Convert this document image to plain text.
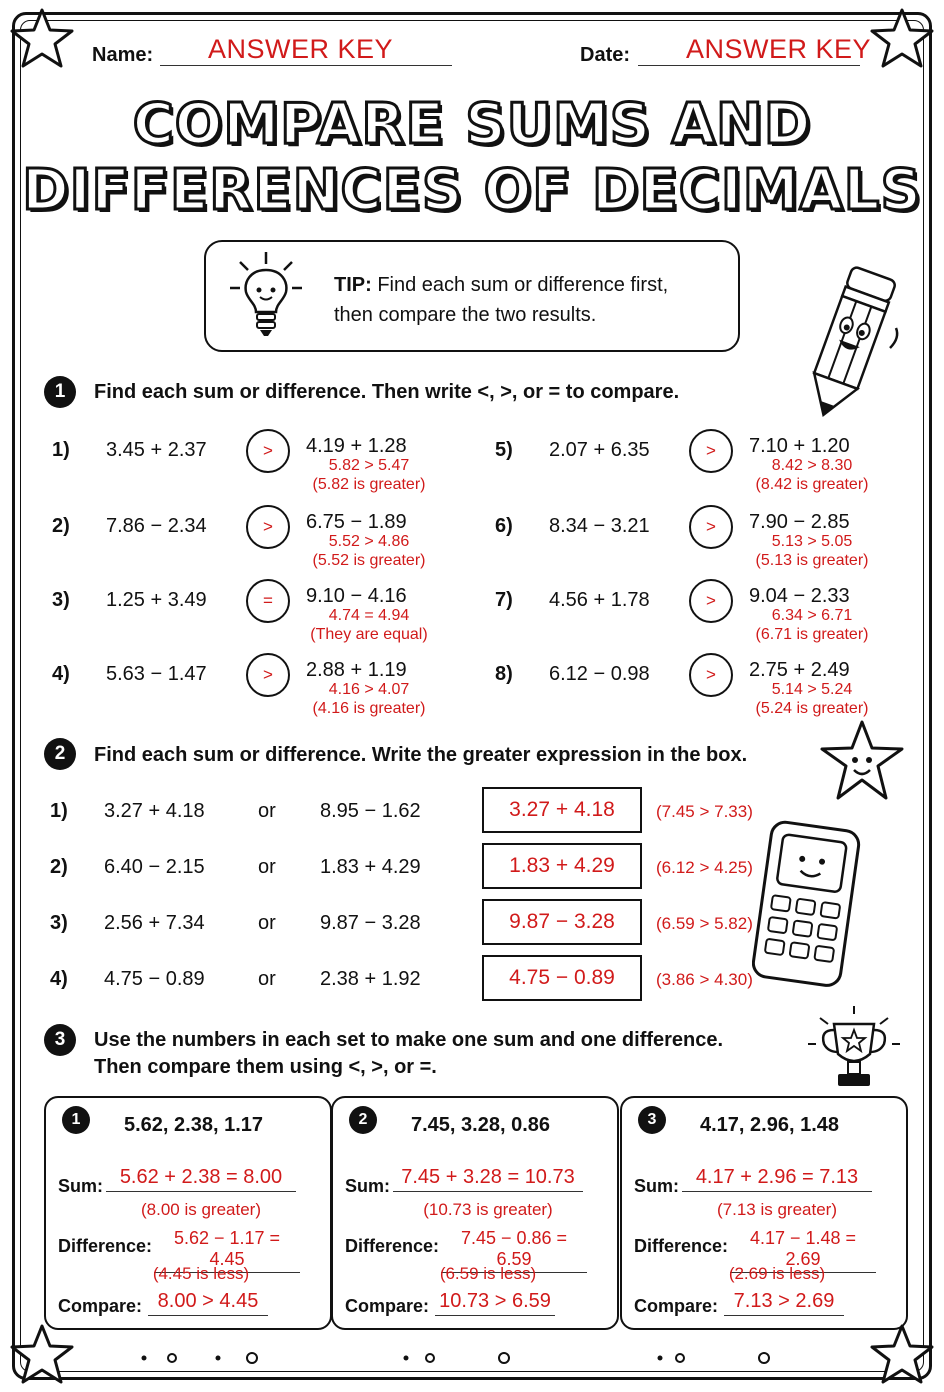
Name: ANSWER KEY	Date: ANSWER KEY
COMPARE SUMS AND
DIFFERENCES OF DECIMALS
TIP: Find each sum or difference first,
then compare the two results.
1	Find each sum or difference. Then write <, >, or = to compare.
1) 3.45 + 2.37	>	4.19 + 1.28
5.82 > 5.47
(5.82 is greater)
2) 7.86 − 2.34	>	6.75 − 1.89
5.52 > 4.86
(5.52 is greater)
3) 1.25 + 3.49	=	9.10 − 4.16
4.74 = 4.94
(They are equal)
4) 5.63 − 1.47	>	2.88 + 1.19
4.16 > 4.07
(4.16 is greater)
5) 2.07 + 6.35	>	7.10 + 1.20
8.42 > 8.30
(8.42 is greater)
6) 8.34 − 3.21	>	7.90 − 2.85
5.13 > 5.05
(5.13 is greater)
7) 4.56 + 1.78	>	9.04 − 2.33
6.34 > 6.71
(6.71 is greater)
8) 6.12 − 0.98	>	2.75 + 2.49
5.14 > 5.24
(5.24 is greater)
2	Find each sum or difference. Write the greater expression in the box.
1) 3.27 + 4.18	or 8.95 − 1.62	3.27 + 4.18	(7.45 > 7.33)
2) 6.40 − 2.15	or 1.83 + 4.29	1.83 + 4.29	(6.12 > 4.25)
3) 2.56 + 7.34	or 9.87 − 3.28	9.87 − 3.28	(6.59 > 5.82)
4) 4.75 − 0.89	or 2.38 + 1.92	4.75 − 0.89	(3.86 > 4.30)
3	Use the numbers in each set to make one sum and one difference.
Then compare them using <, >, or =.
1	5.62, 2.38, 1.17
Sum: 5.62 + 2.38 = 8.00
(8.00 is greater)
Difference:	5.62 − 1.17 = 4.45
(4.45 is less)
Compare: 8.00 > 4.45
2	7.45, 3.28, 0.86
Sum: 7.45 + 3.28 = 10.73
(10.73 is greater)
Difference:	7.45 − 0.86 = 6.59
(6.59 is less)
Compare: 10.73 > 6.59
3	4.17, 2.96, 1.48
Sum: 4.17 + 2.96 = 7.13
(7.13 is greater)
Difference:	4.17 − 1.48 = 2.69
(2.69 is less)
Compare: 7.13 > 2.69
